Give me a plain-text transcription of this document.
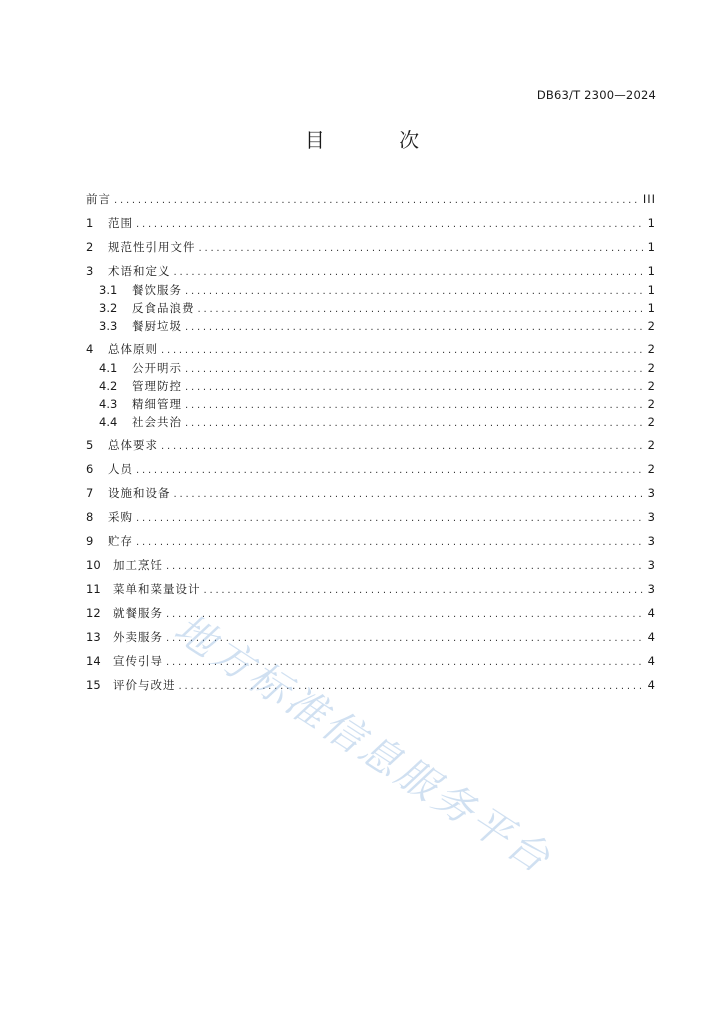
DB63/T 2300—2024
目 次
前言 .....	III
1	范围 .....	1
2	规范性引用文件 .....	1
3	术语和定义 .....	1
3.1	餐饮服务 .....	1
3.2	反食品浪费 .....	1
3.3	餐厨垃圾 .....	2
4	总体原则 .....	2
4.1	公开明示 .....	2
4.2	管理防控 .....	2
4.3	精细管理 .....	2
4.4	社会共治 .....	2
5	总体要求 .....	2
6	人员 .....	2
7	设施和设备 .....	3
8	采购 .....	3
9	贮存 .....	3
10	加工烹饪 .....	3
11	菜单和菜量设计 .....	3
12	就餐服务 .....	4
13	外卖服务 .....	4
14	宣传引导 .....	4
15	评价与改进 .....	4
地方标准信息服务平台
